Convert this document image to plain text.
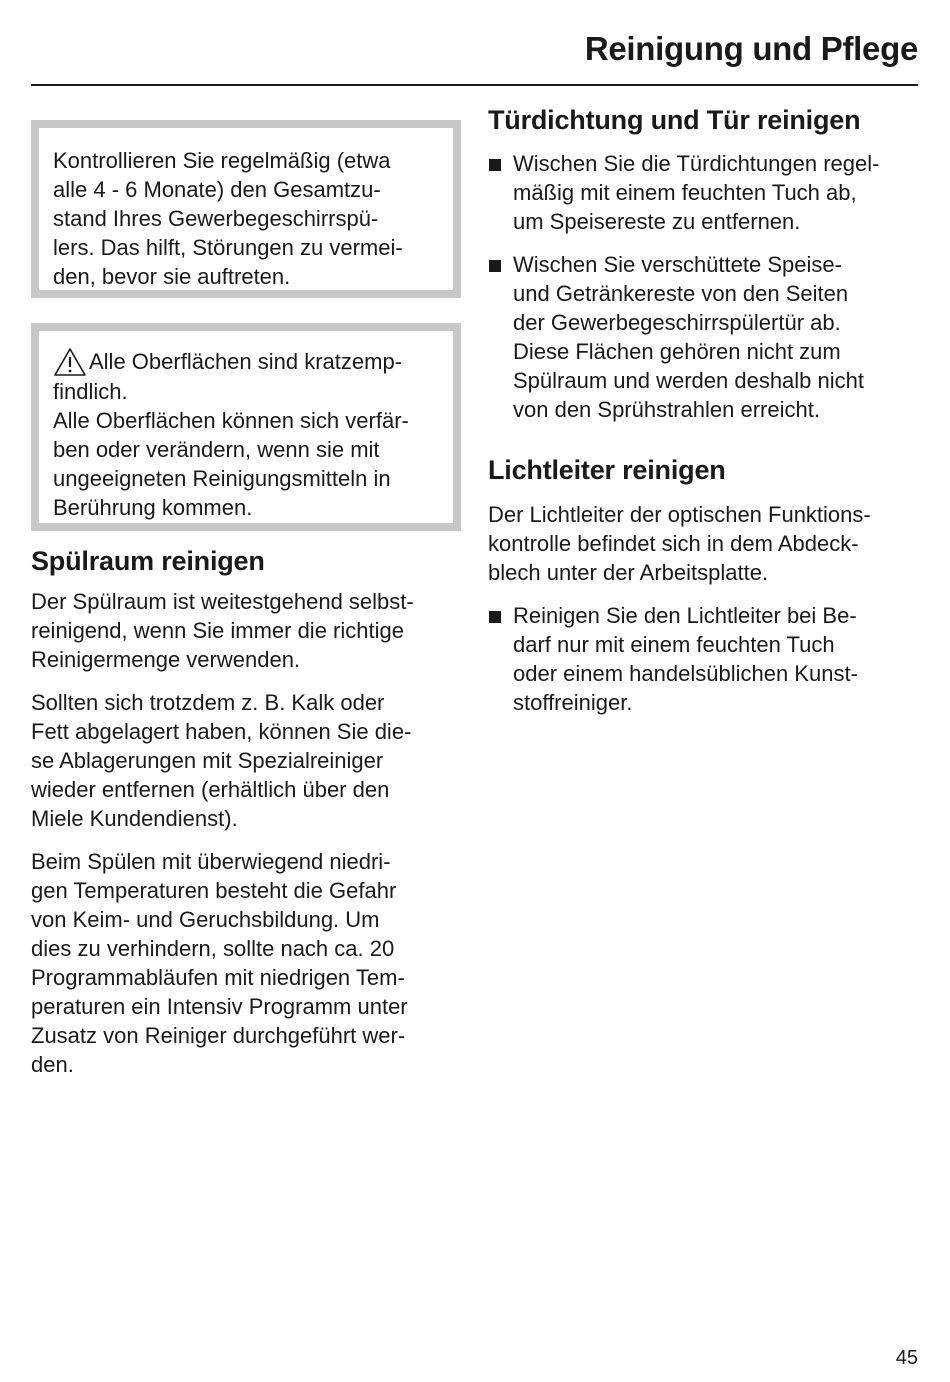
Reinigung und Pflege

Kontrollieren Sie regelmäßig (etwa
alle 4 - 6 Monate) den Gesamtzu-
stand Ihres Gewerbegeschirrspü-
lers. Das hilft, Störungen zu vermei-
den, bevor sie auftreten.

Alle Oberflächen sind kratzemp-

findlich.
Alle Oberflächen können sich verfär-
ben oder verändern, wenn sie mit
ungeeigneten Reinigungsmitteln in
Berührung kommen.

Spülraum reinigen

Der Spülraum ist weitestgehend selbst-
reinigend, wenn Sie immer die richtige
Reinigermenge verwenden.

Sollten sich trotzdem z. B. Kalk oder
Fett abgelagert haben, können Sie die-
se Ablagerungen mit Spezialreiniger
wieder entfernen (erhältlich über den
Miele Kundendienst).

Beim Spülen mit überwiegend niedri-
gen Temperaturen besteht die Gefahr
von Keim- und Geruchsbildung. Um
dies zu verhindern, sollte nach ca. 20
Programmabläufen mit niedrigen Tem-
peraturen ein Intensiv Programm unter
Zusatz von Reiniger durchgeführt wer-
den.

Türdichtung und Tür reinigen
Wischen Sie die Türdichtungen regel-
mäßig mit einem feuchten Tuch ab,
um Speisereste zu entfernen.
Wischen Sie verschüttete Speise-
und Getränkereste von den Seiten
der Gewerbegeschirrspülertür ab.
Diese Flächen gehören nicht zum
Spülraum und werden deshalb nicht
von den Sprühstrahlen erreicht.
Lichtleiter reinigen

Der Lichtleiter der optischen Funktions-
kontrolle befindet sich in dem Abdeck-
blech unter der Arbeitsplatte.

Reinigen Sie den Lichtleiter bei Be-
darf nur mit einem feuchten Tuch
oder einem handelsüblichen Kunst-
stoffreiniger.
45
